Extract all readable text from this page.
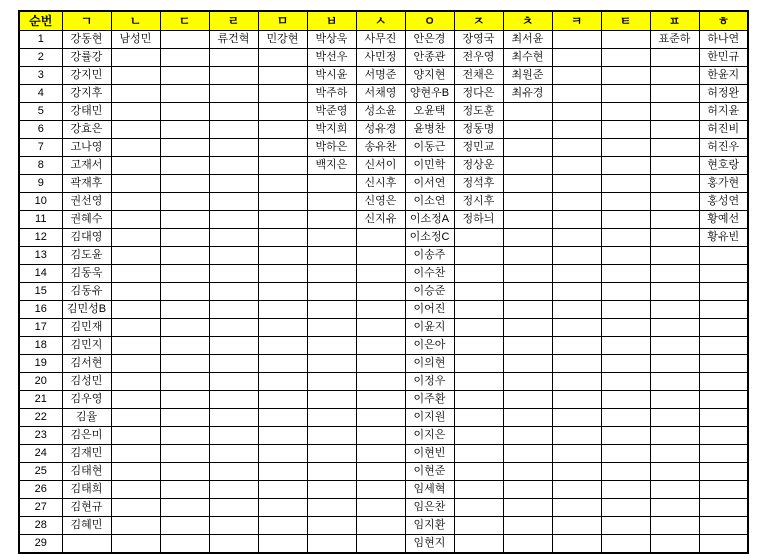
순번	ㄱ	ㄴ	ㄷ	ㄹ	ㅁ	ㅂ	ㅅ	ㅇ	ㅈ	ㅊ	ㅋ	ㅌ	ㅍ	ㅎ
1	강동현	남성민		류건혁	민강현	박상욱	사무진	안은경	장영국	최서윤			표준하	하나연
2	강률강					박선우	사민정	안종관	전우영	최수현				한민규
3	강지민					박시윤	서명준	양지현	전채은	최원준				한윤지
4	강지후					박주하	서채영	양현우B	정다은	최유경				허정완
5	강태민					박준영	성소윤	오윤택	정도훈					허지윤
6	강효은					박지희	성유경	윤병찬	정동명					허진비
7	고나영					박하은	송유찬	이동근	정민교					허진우
8	고재서					백지은	신서이	이민학	정상운					현호랑
9	곽재후						신시후	이서연	정석후					홍가현
10	권선영						신영은	이소연	정시후					홍성연
11	권혜수						신지유	이소정A	정하늬					황예선
12	김대영							이소정C						황유빈
13	김도윤							이송주						
14	김동욱							이수찬						
15	김동유							이승준						
16	김민성B							이어진						
17	김민재							이윤지						
18	김민지							이은아						
19	김서현							이의현						
20	김성민							이정우						
21	김우영							이주환						
22	김율							이지원						
23	김은미							이지은						
24	김재민							이현빈						
25	김태현							이현준						
26	김태희							임세혁						
27	김현규							임은찬						
28	김혜민							임지환						
29								임현지						
